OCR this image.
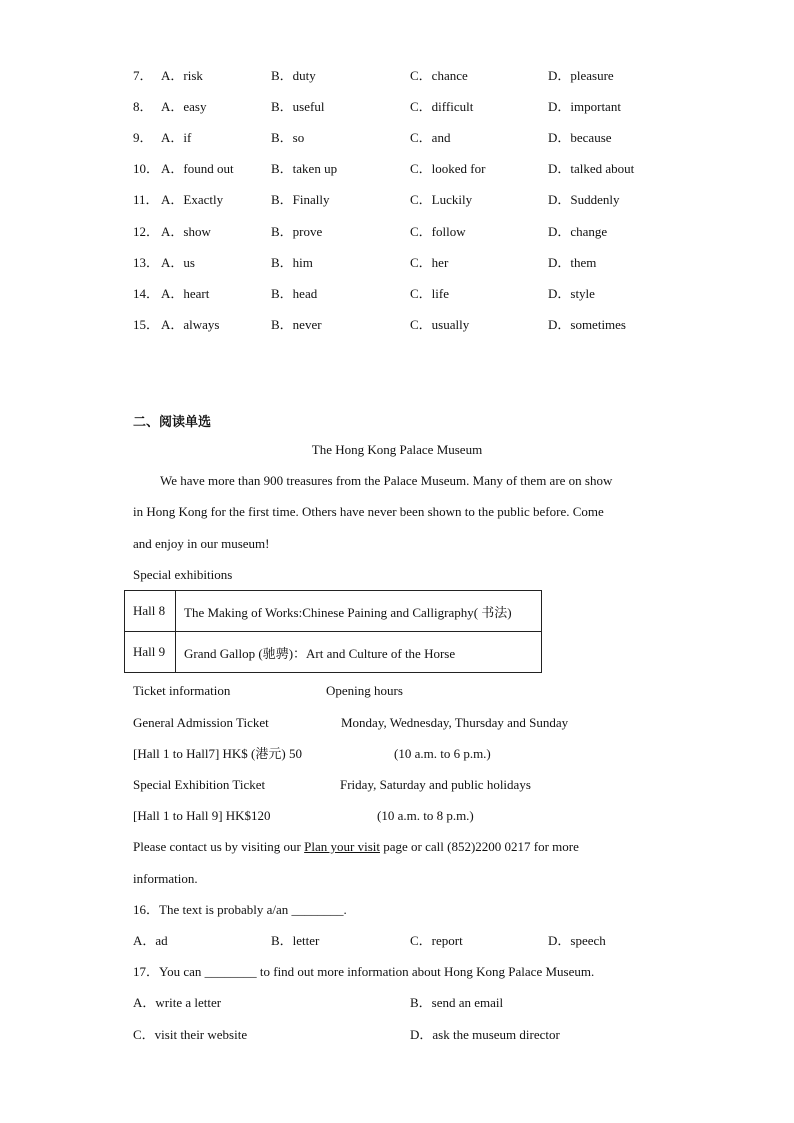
7． A．risk	B．duty	C．chance	D．pleasure
8． A．easy	B．useful	C．difficult	D．important
9． A．if	B．so	C．and	D．because
10． A．found out	B．taken up	C．looked for	D．talked about
11． A．Exactly	B．Finally	C．Luckily	D．Suddenly
12． A．show	B．prove	C．follow	D．change
13． A．us	B．him	C．her	D．them
14． A．heart	B．head	C．life	D．style
15． A．always	B．never	C．usually	D．sometimes
二、阅读单选
The Hong Kong Palace Museum
We have more than 900 treasures from the Palace Museum. Many of them are on show
in Hong Kong for the first time. Others have never been shown to the public before. Come
and enjoy in our museum!
Special exhibitions
Hall 8	The Making of Works:Chinese Paining and Calligraphy( 书法)
Hall 9	Grand Gallop (驰骋)：Art and Culture of the Horse
Ticket information	Opening hours
General Admission Ticket	Monday, Wednesday, Thursday and Sunday
[Hall 1 to Hall7] HK$ (港元) 50	(10 a.m. to 6 p.m.)
Special Exhibition Ticket	Friday, Saturday and public holidays
[Hall 1 to Hall 9] HK$120	(10 a.m. to 8 p.m.)
Please contact us by visiting our Plan your visit page or call (852)2200 0217 for more
information.
16．The text is probably a/an ________.
A．ad	B．letter	C．report	D．speech
17．You can ________ to find out more information about Hong Kong Palace Museum.
A．write a letter	B．send an email
C．visit their website	D．ask the museum director
